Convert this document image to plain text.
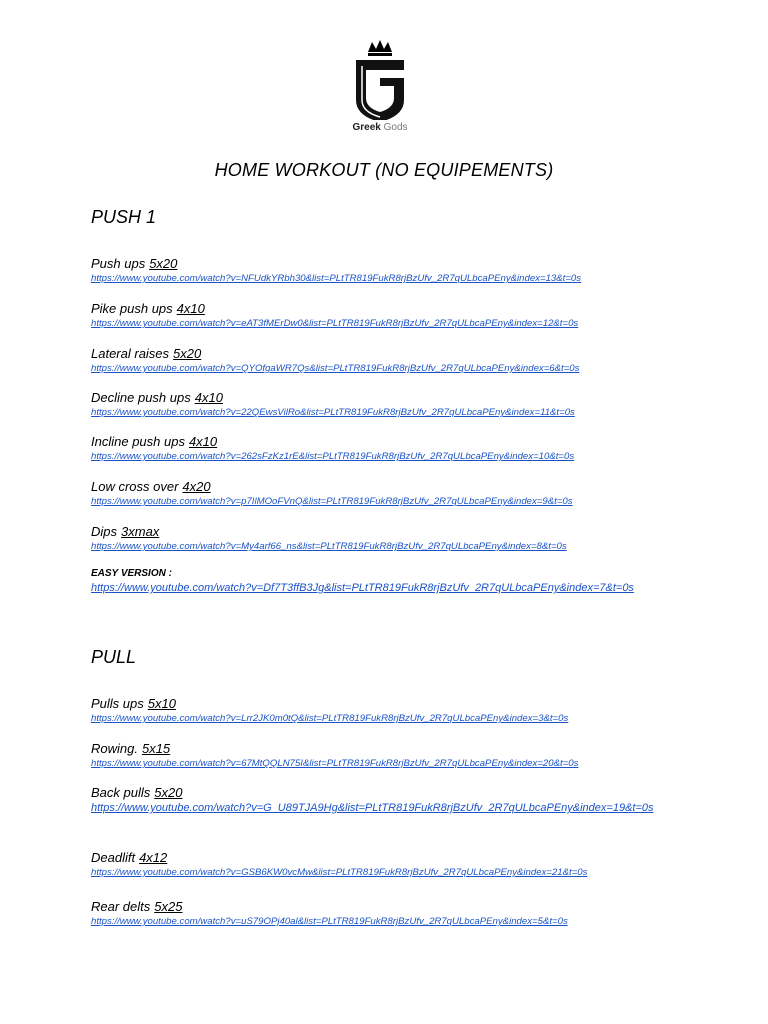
Greek Gods
HOME WORKOUT (NO EQUIPEMENTS)
PUSH 1
Push ups 5x20
https://www.youtube.com/watch?v=NFUdkYRbh30&list=PLtTR819FukR8rjBzUfv_2R7qULbcaPEny&index=13&t=0s
Pike push ups 4x10
https://www.youtube.com/watch?v=eAT3fMErDw0&list=PLtTR819FukR8rjBzUfv_2R7qULbcaPEny&index=12&t=0s
Lateral raises 5x20
https://www.youtube.com/watch?v=QYOfgaWR7Qs&list=PLtTR819FukR8rjBzUfv_2R7qULbcaPEny&index=6&t=0s
Decline push ups 4x10
https://www.youtube.com/watch?v=22QEwsVilRo&list=PLtTR819FukR8rjBzUfv_2R7qULbcaPEny&index=11&t=0s
Incline push ups 4x10
https://www.youtube.com/watch?v=262sFzKz1rE&list=PLtTR819FukR8rjBzUfv_2R7qULbcaPEny&index=10&t=0s
Low cross over 4x20
https://www.youtube.com/watch?v=p7IlMOoFVnQ&list=PLtTR819FukR8rjBzUfv_2R7qULbcaPEny&index=9&t=0s
Dips 3xmax
https://www.youtube.com/watch?v=My4arf66_ns&list=PLtTR819FukR8rjBzUfv_2R7qULbcaPEny&index=8&t=0s
EASY VERSION :
https://www.youtube.com/watch?v=Df7T3ffB3Jg&list=PLtTR819FukR8rjBzUfv_2R7qULbcaPEny&index=7&t=0s
PULL
Pulls ups 5x10
https://www.youtube.com/watch?v=Lrr2JK0m0tQ&list=PLtTR819FukR8rjBzUfv_2R7qULbcaPEny&index=3&t=0s
Rowing. 5x15
https://www.youtube.com/watch?v=67MtQQLN75I&list=PLtTR819FukR8rjBzUfv_2R7qULbcaPEny&index=20&t=0s
Back pulls 5x20
https://www.youtube.com/watch?v=G_U89TJA9Hg&list=PLtTR819FukR8rjBzUfv_2R7qULbcaPEny&index=19&t=0s
Deadlift 4x12
https://www.youtube.com/watch?v=GSB6KW0vcMw&list=PLtTR819FukR8rjBzUfv_2R7qULbcaPEny&index=21&t=0s
Rear delts 5x25
https://www.youtube.com/watch?v=uS79OPj40al&list=PLtTR819FukR8rjBzUfv_2R7qULbcaPEny&index=5&t=0s
